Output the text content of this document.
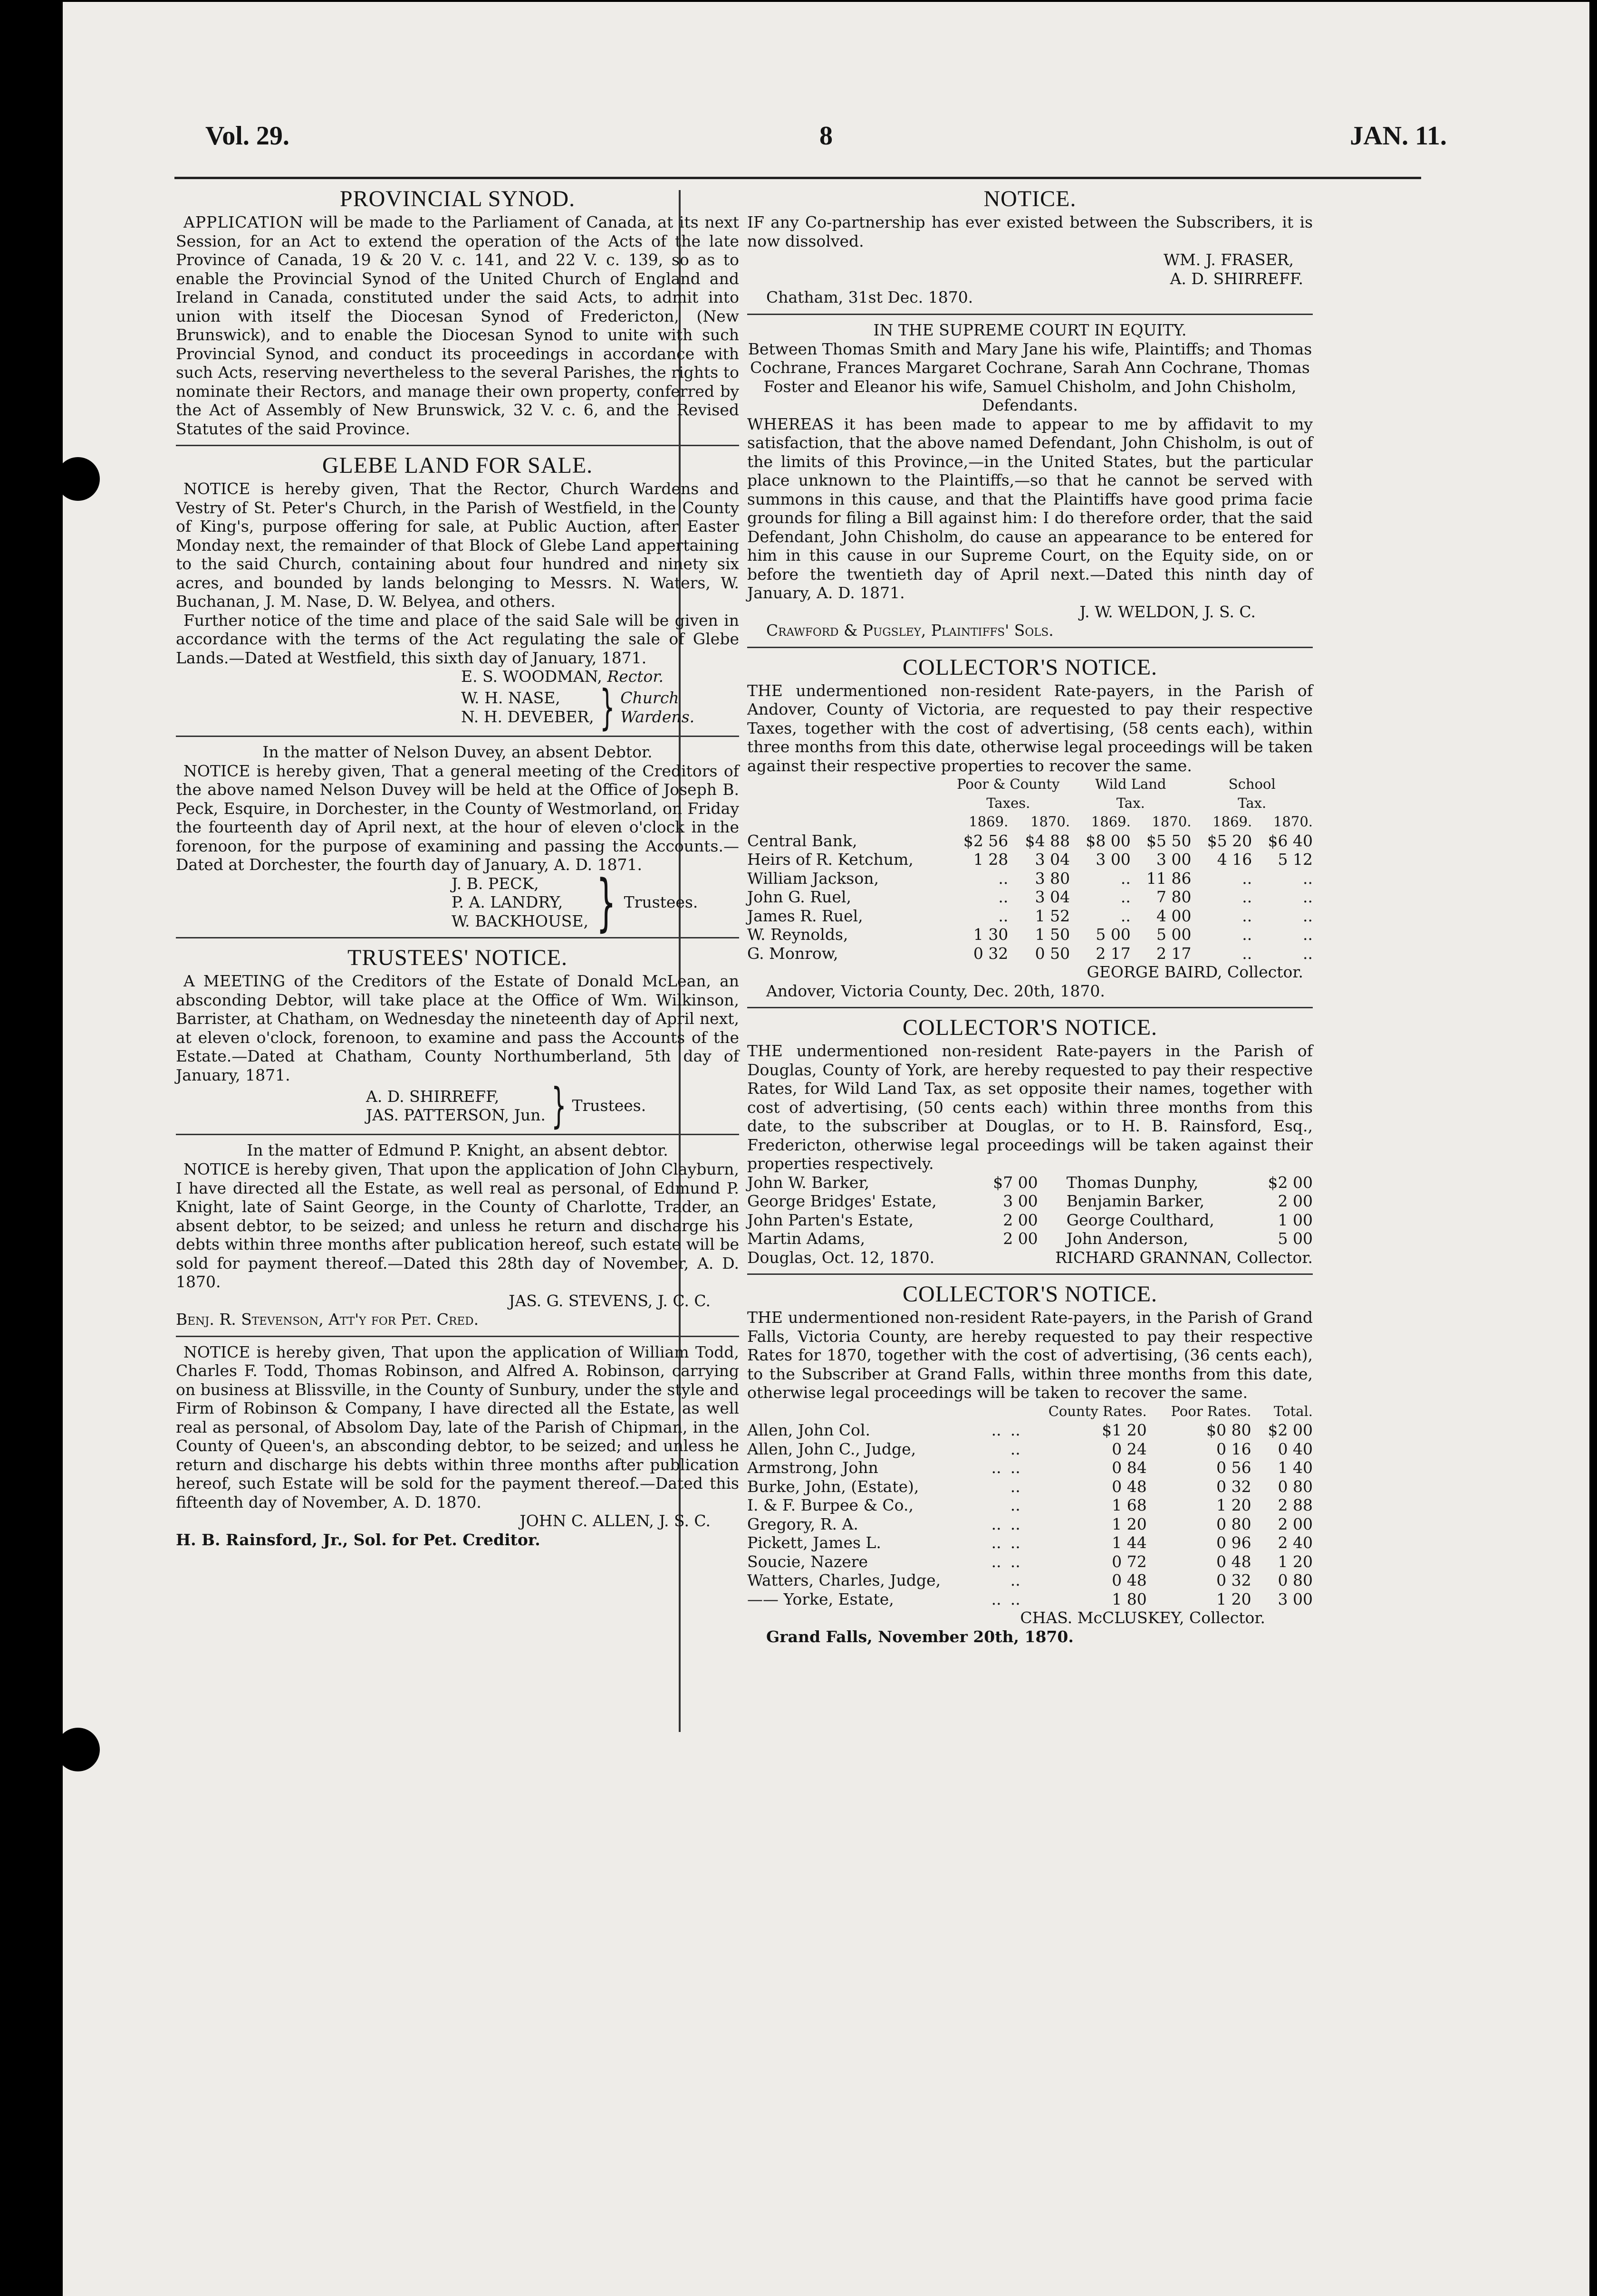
Vol. 29.	8	JAN. 11.
PROVINCIAL SYNOD.

APPLICATION will be made to the Parliament of Canada, at its next Session, for an Act to extend the operation of the Acts of the late Province of Canada, 19 & 20 V. c. 141, and 22 V. c. 139, so as to enable the Provincial Synod of the United Church of England and Ireland in Canada, constituted under the said Acts, to admit into union with itself the Diocesan Synod of Fredericton, (New Brunswick), and to enable the Diocesan Synod to unite with such Provincial Synod, and conduct its proceedings in accordance with such Acts, reserving nevertheless to the several Parishes, the rights to nominate their Rectors, and manage their own property, conferred by the Act of Assembly of New Brunswick, 32 V. c. 6, and the Revised Statutes of the said Province.

GLEBE LAND FOR SALE.

NOTICE is hereby given, That the Rector, Church Wardens and Vestry of St. Peter's Church, in the Parish of Westfield, in the County of King's, purpose offering for sale, at Public Auction, after Easter Monday next, the remainder of that Block of Glebe Land appertaining to the said Church, containing about four hundred and ninety six acres, and bounded by lands belonging to Messrs. N. Waters, W. Buchanan, J. M. Nase, D. W. Belyea, and others.

Further notice of the time and place of the said Sale will be given in accordance with the terms of the Act regulating the sale of Glebe Lands.—Dated at Westfield, this sixth day of January, 1871.

E. S. WOODMAN, Rector.
W. H. NASE,
N. H. DEVEBER, } Church
Wardens.

In the matter of Nelson Duvey, an absent Debtor.

NOTICE is hereby given, That a general meeting of the Creditors of the above named Nelson Duvey will be held at the Office of Joseph B. Peck, Esquire, in Dorchester, in the County of Westmorland, on Friday the fourteenth day of April next, at the hour of eleven o'clock in the forenoon, for the purpose of examining and passing the Accounts.—Dated at Dorchester, the fourth day of January, A. D. 1871.

J. B. PECK,
P. A. LANDRY,
W. BACKHOUSE, } Trustees.
TRUSTEES' NOTICE.

A MEETING of the Creditors of the Estate of Donald McLean, an absconding Debtor, will take place at the Office of Wm. Wilkinson, Barrister, at Chatham, on Wednesday the nineteenth day of April next, at eleven o'clock, forenoon, to examine and pass the Accounts of the Estate.—Dated at Chatham, County Northumberland, 5th day of January, 1871.

A. D. SHIRREFF,
JAS. PATTERSON, Jun. } Trustees.

In the matter of Edmund P. Knight, an absent debtor.

NOTICE is hereby given, That upon the application of John Clayburn, I have directed all the Estate, as well real as personal, of Edmund P. Knight, late of Saint George, in the County of Charlotte, Trader, an absent debtor, to be seized; and unless he return and discharge his debts within three months after publication hereof, such estate will be sold for payment thereof.—Dated this 28th day of November, A. D. 1870.

JAS. G. STEVENS, J. C. C.

Benj. R. Stevenson, Att'y for Pet. Cred.

NOTICE is hereby given, That upon the application of William Todd, Charles F. Todd, Thomas Robinson, and Alfred A. Robinson, carrying on business at Blissville, in the County of Sunbury, under the style and Firm of Robinson & Company, I have directed all the Estate, as well real as personal, of Absolom Day, late of the Parish of Chipman, in the County of Queen's, an absconding debtor, to be seized; and unless he return and discharge his debts within three months after publication hereof, such Estate will be sold for the payment thereof.—Dated this fifteenth day of November, A. D. 1870.

JOHN C. ALLEN, J. S. C.

H. B. Rainsford, Jr., Sol. for Pet. Creditor.

NOTICE.

IF any Co-partnership has ever existed between the Subscribers, it is now dissolved.

WM. J. FRASER,

A. D. SHIRREFF.

Chatham, 31st Dec. 1870.

IN THE SUPREME COURT IN EQUITY.

Between Thomas Smith and Mary Jane his wife, Plaintiffs; and Thomas Cochrane, Frances Margaret Cochrane, Sarah Ann Cochrane, Thomas Foster and Eleanor his wife, Samuel Chisholm, and John Chisholm, Defendants.

WHEREAS it has been made to appear to me by affidavit to my satisfaction, that the above named Defendant, John Chisholm, is out of the limits of this Province,—in the United States, but the particular place unknown to the Plaintiffs,—so that he cannot be served with summons in this cause, and that the Plaintiffs have good prima facie grounds for filing a Bill against him: I do therefore order, that the said Defendant, John Chisholm, do cause an appearance to be entered for him in this cause in our Supreme Court, on the Equity side, on or before the twentieth day of April next.—Dated this ninth day of January, A. D. 1871.

J. W. WELDON, J. S. C.

Crawford & Pugsley, Plaintiffs' Sols.

COLLECTOR'S NOTICE.

THE undermentioned non-resident Rate-payers, in the Parish of Andover, County of Victoria, are requested to pay their respective Taxes, together with the cost of advertising, (58 cents each), within three months from this date, otherwise legal proceedings will be taken against their respective properties to recover the same.

	Poor & County		Wild Land		School	
	Taxes.		Tax.		Tax.	
	1869.	1870.	1869.	1870.	1869.	1870.
Central Bank,	$2 56	$4 88	$8 00	$5 50	$5 20	$6 40
Heirs of R. Ketchum,	1 28	3 04	3 00	3 00	4 16	5 12
William Jackson,	..	3 80	..	11 86	..	..
John G. Ruel,	..	3 04	..	7 80	..	..
James R. Ruel,	..	1 52	..	4 00	..	..
W. Reynolds,	1 30	1 50	5 00	5 00	..	..
G. Monrow,	0 32	0 50	2 17	2 17	..	..

GEORGE BAIRD, Collector.

Andover, Victoria County, Dec. 20th, 1870.

COLLECTOR'S NOTICE.

THE undermentioned non-resident Rate-payers in the Parish of Douglas, County of York, are hereby requested to pay their respective Rates, for Wild Land Tax, as set opposite their names, together with cost of advertising, (50 cents each) within three months from this date, to the subscriber at Douglas, or to H. B. Rainsford, Esq., Fredericton, otherwise legal proceedings will be taken against their properties respectively.

John W. Barker,	$7 00	Thomas Dunphy,	$2 00
George Bridges' Estate,	3 00	Benjamin Barker,	2 00
John Parten's Estate,	2 00	George Coulthard,	1 00
Martin Adams,	2 00	John Anderson,	5 00
Douglas, Oct. 12, 1870.	RICHARD GRANNAN, Collector.
COLLECTOR'S NOTICE.

THE undermentioned non-resident Rate-payers, in the Parish of Grand Falls, Victoria County, are hereby requested to pay their respective Rates for 1870, together with the cost of advertising, (36 cents each), to the Subscriber at Grand Falls, within three months from this date, otherwise legal proceedings will be taken to recover the same.

			County Rates.	Poor Rates.	Total.
Allen, John Col.	..	..	$1 20	$0 80	$2 00
Allen, John C., Judge,		..	0 24	0 16	0 40
Armstrong, John	..	..	0 84	0 56	1 40
Burke, John, (Estate),		..	0 48	0 32	0 80
I. & F. Burpee & Co.,		..	1 68	1 20	2 88
Gregory, R. A.	..	..	1 20	0 80	2 00
Pickett, James L.	..	..	1 44	0 96	2 40
Soucie, Nazere	..	..	0 72	0 48	1 20
Watters, Charles, Judge,		..	0 48	0 32	0 80
—— Yorke, Estate,	..	..	1 80	1 20	3 00

CHAS. McCLUSKEY, Collector.

Grand Falls, November 20th, 1870.
